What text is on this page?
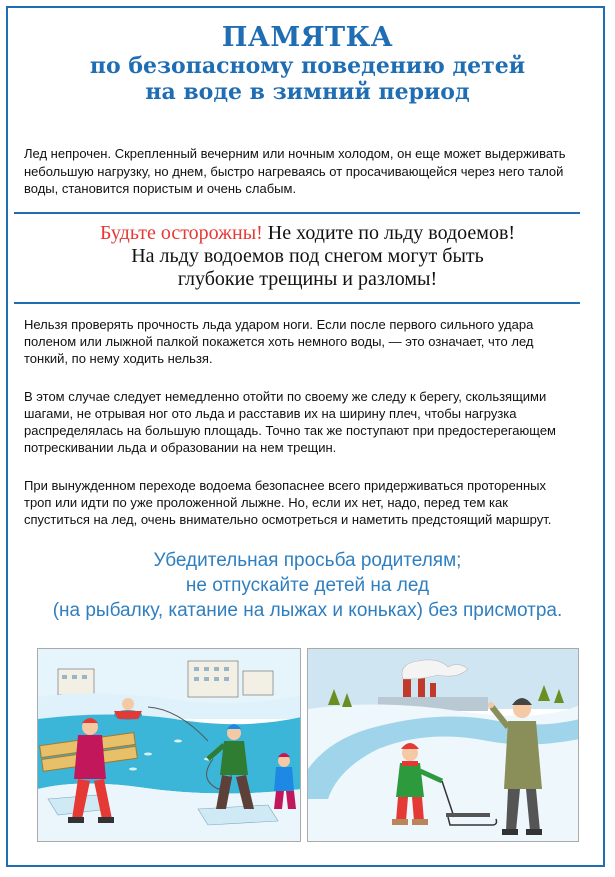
ПАМЯТКА
по безопасному поведению детей
на воде в зимний период
Лед непрочен. Скрепленный вечерним или ночным холодом, он еще может выдерживать небольшую нагрузку, но днем, быстро нагреваясь от просачивающейся через него талой воды, становится пористым и очень слабым.
Будьте осторожны! Не ходите по льду водоемов!
На льду водоемов под снегом могут быть
глубокие трещины и разломы!
Нельзя проверять прочность льда ударом ноги. Если после первого сильного удара поленом или лыжной палкой покажется хоть немного воды, — это означает, что лед тонкий, по нему ходить нельзя.
В этом случае следует немедленно отойти по своему же следу к берегу, скользящими шагами, не отрывая ног ото льда и расставив их на ширину плеч, чтобы нагрузка распределялась на большую площадь. Точно так же поступают при предостерегающем потрескивании льда и образовании на нем трещин.
При вынужденном переходе водоема безопаснее всего придерживаться проторенных троп или идти по уже проложенной лыжне. Но, если их нет, надо, перед тем как спуститься на лед, очень внимательно осмотреться и наметить предстоящий маршрут.
Убедительная просьба родителям;
не отпускайте детей на лед
(на рыбалку, катание на лыжах и коньках) без присмотра.
